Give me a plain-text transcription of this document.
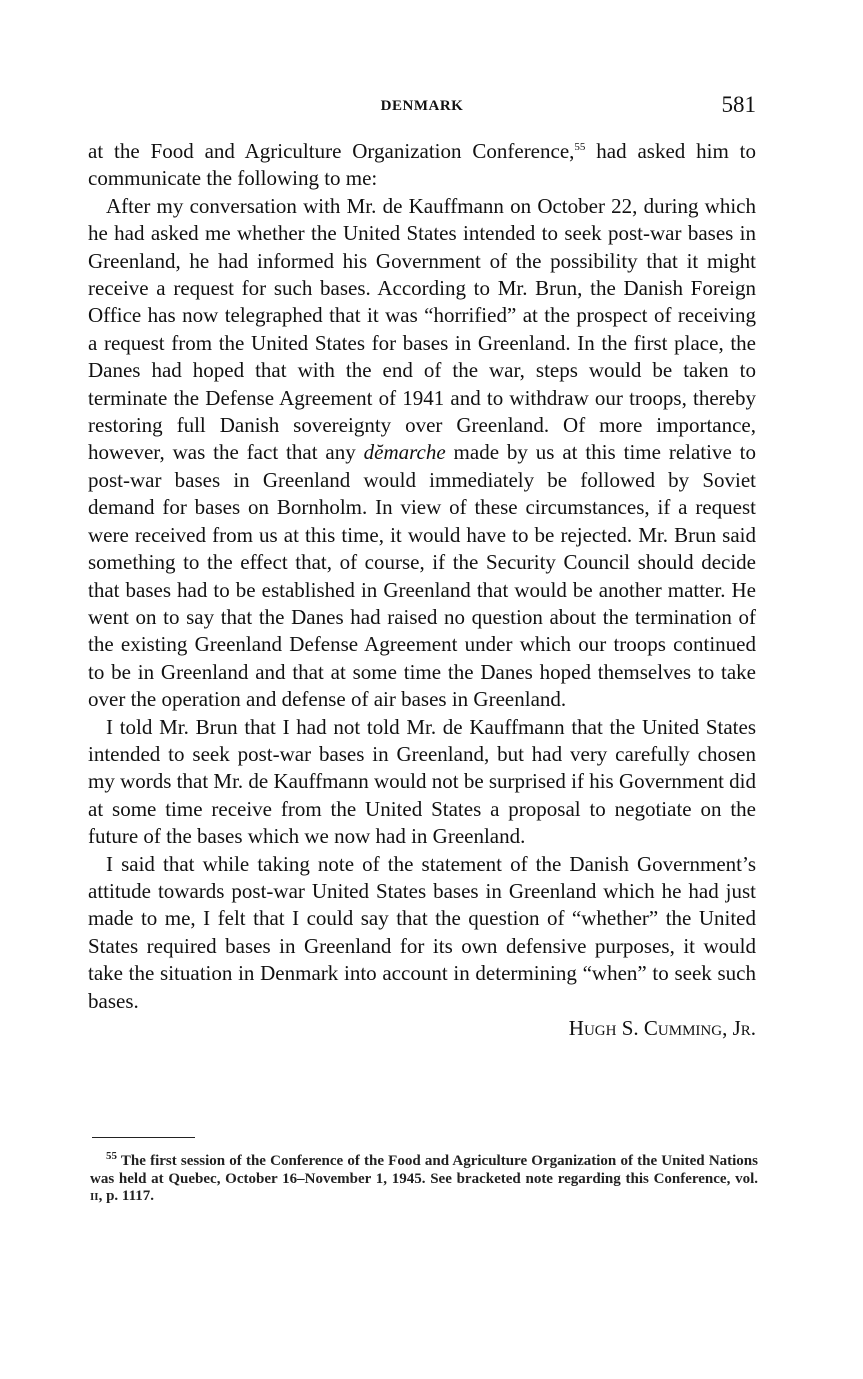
DENMARK	581

at the Food and Agriculture Organization Conference,$^{55}$ had asked him to communicate the following to me:

After my conversation with Mr. de Kauffmann on October 22, during which he had asked me whether the United States intended to seek post-war bases in Greenland, he had informed his Government of the possibility that it might receive a request for such bases. According to Mr. Brun, the Danish Foreign Office has now telegraphed that it was “horrified” at the prospect of receiving a request from the United States for bases in Greenland. In the first place, the Danes had hoped that with the end of the war, steps would be taken to terminate the Defense Agreement of 1941 and to withdraw our troops, thereby restoring full Danish sovereignty over Greenland. Of more importance, however, was the fact that any dĕmarche made by us at this time relative to post-war bases in Greenland would immediately be followed by Soviet demand for bases on Bornholm. In view of these circumstances, if a request were received from us at this time, it would have to be rejected. Mr. Brun said something to the effect that, of course, if the Security Council should decide that bases had to be established in Greenland that would be another matter. He went on to say that the Danes had raised no question about the termination of the existing Greenland Defense Agreement under which our troops continued to be in Greenland and that at some time the Danes hoped themselves to take over the operation and defense of air bases in Greenland.

I told Mr. Brun that I had not told Mr. de Kauffmann that the United States intended to seek post-war bases in Greenland, but had very carefully chosen my words that Mr. de Kauffmann would not be surprised if his Government did at some time receive from the United States a proposal to negotiate on the future of the bases which we now had in Greenland.

I said that while taking note of the statement of the Danish Government’s attitude towards post-war United States bases in Greenland which he had just made to me, I felt that I could say that the question of “whether” the United States required bases in Greenland for its own defensive purposes, it would take the situation in Denmark into account in determining “when” to seek such bases.

Hugh S. Cumming, Jr.

$^{55}$ The first session of the Conference of the Food and Agriculture Organization of the United Nations was held at Quebec, October 16–November 1, 1945. See bracketed note regarding this Conference, vol. ii, p. 1117.
